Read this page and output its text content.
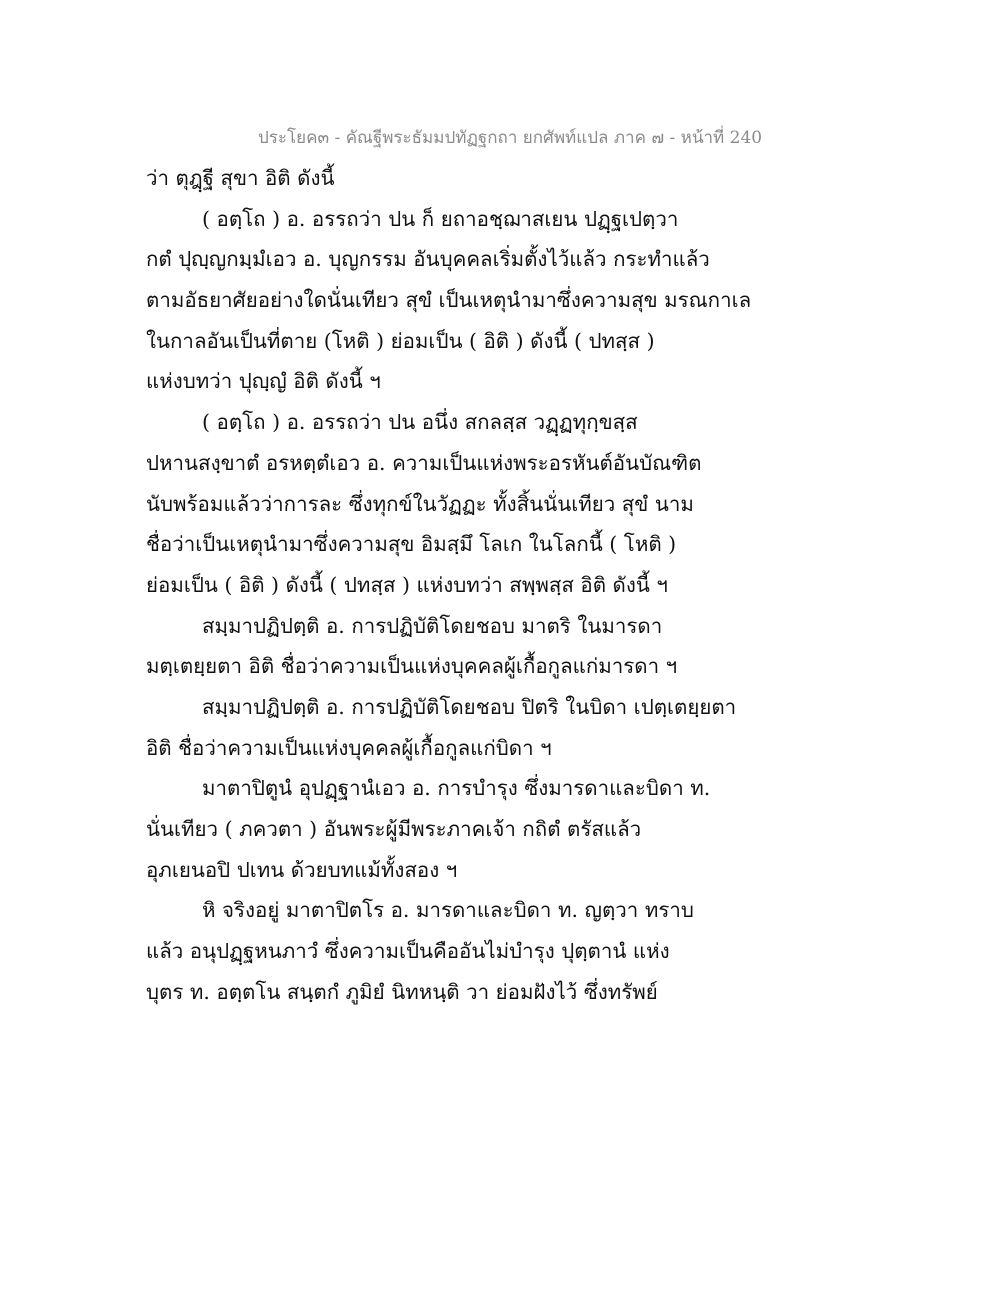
ประโยค๓ - คัณฐีพระธัมมปทัฏฐกถา ยกศัพท์แปล ภาค ๗ - หน้าที่ 240
ว่า ตุฎฺฐี สุขา อิติ ดังนี้
( อตฺโถ ) อ. อรรถว่า ปน ก็ ยถาอชฺฌาสเยน ปฏฺฐเปตฺวา
กตํ ปุญฺญกมฺมํเอว อ. บุญกรรม อันบุคคลเริ่มตั้งไว้แล้ว กระทำแล้ว
ตามอัธยาศัยอย่างใดนั่นเทียว สุขํ เป็นเหตุนำมาซึ่งความสุข มรณกาเล
ในกาลอันเป็นที่ตาย (โหติ ) ย่อมเป็น ( อิติ ) ดังนี้ ( ปทสฺส )
แห่งบทว่า ปุญฺญํ อิติ ดังนี้ ฯ
( อตฺโถ ) อ. อรรถว่า ปน อนึ่ง สกลสฺส วฏฺฏทุกฺขสฺส
ปหานสงฺขาตํ อรหตฺตํเอว อ. ความเป็นแห่งพระอรหันต์อันบัณฑิต
นับพร้อมแล้วว่าการละ ซึ่งทุกข์ในวัฏฏะ ทั้งสิ้นนั่นเทียว สุขํ นาม
ชื่อว่าเป็นเหตุนำมาซึ่งความสุข อิมสฺมึ โลเก ในโลกนี้ ( โหติ )
ย่อมเป็น ( อิติ ) ดังนี้ ( ปทสฺส ) แห่งบทว่า สพฺพสฺส อิติ ดังนี้ ฯ
สมฺมาปฏิปตฺติ อ. การปฏิบัติโดยชอบ มาตริ ในมารดา
มตฺเตยฺยตา อิติ ชื่อว่าความเป็นแห่งบุคคลผู้เกื้อกูลแก่มารดา ฯ
สมฺมาปฏิปตฺติ อ. การปฏิบัติโดยชอบ ปิตริ ในบิดา เปตฺเตยฺยตา
อิติ ชื่อว่าความเป็นแห่งบุคคลผู้เกื้อกูลแก่บิดา ฯ
มาตาปิตูนํ อุปฏฺฐานํเอว อ. การบำรุง ซึ่งมารดาและบิดา ท.
นั่นเทียว ( ภควตา ) อันพระผู้มีพระภาคเจ้า กถิตํ ตรัสแล้ว
อุภเยนอปิ ปเทน ด้วยบทแม้ทั้งสอง ฯ
หิ จริงอยู่ มาตาปิตโร อ. มารดาและบิดา ท. ญตฺวา ทราบ
แล้ว อนุปฏฺฐหนภาวํ ซึ่งความเป็นคืออันไม่บำรุง ปุตฺตานํ แห่ง
บุตร ท. อตฺตโน สนฺตกํ ภูมิยํ นิทหนฺติ วา ย่อมฝังไว้ ซึ่งทรัพย์
